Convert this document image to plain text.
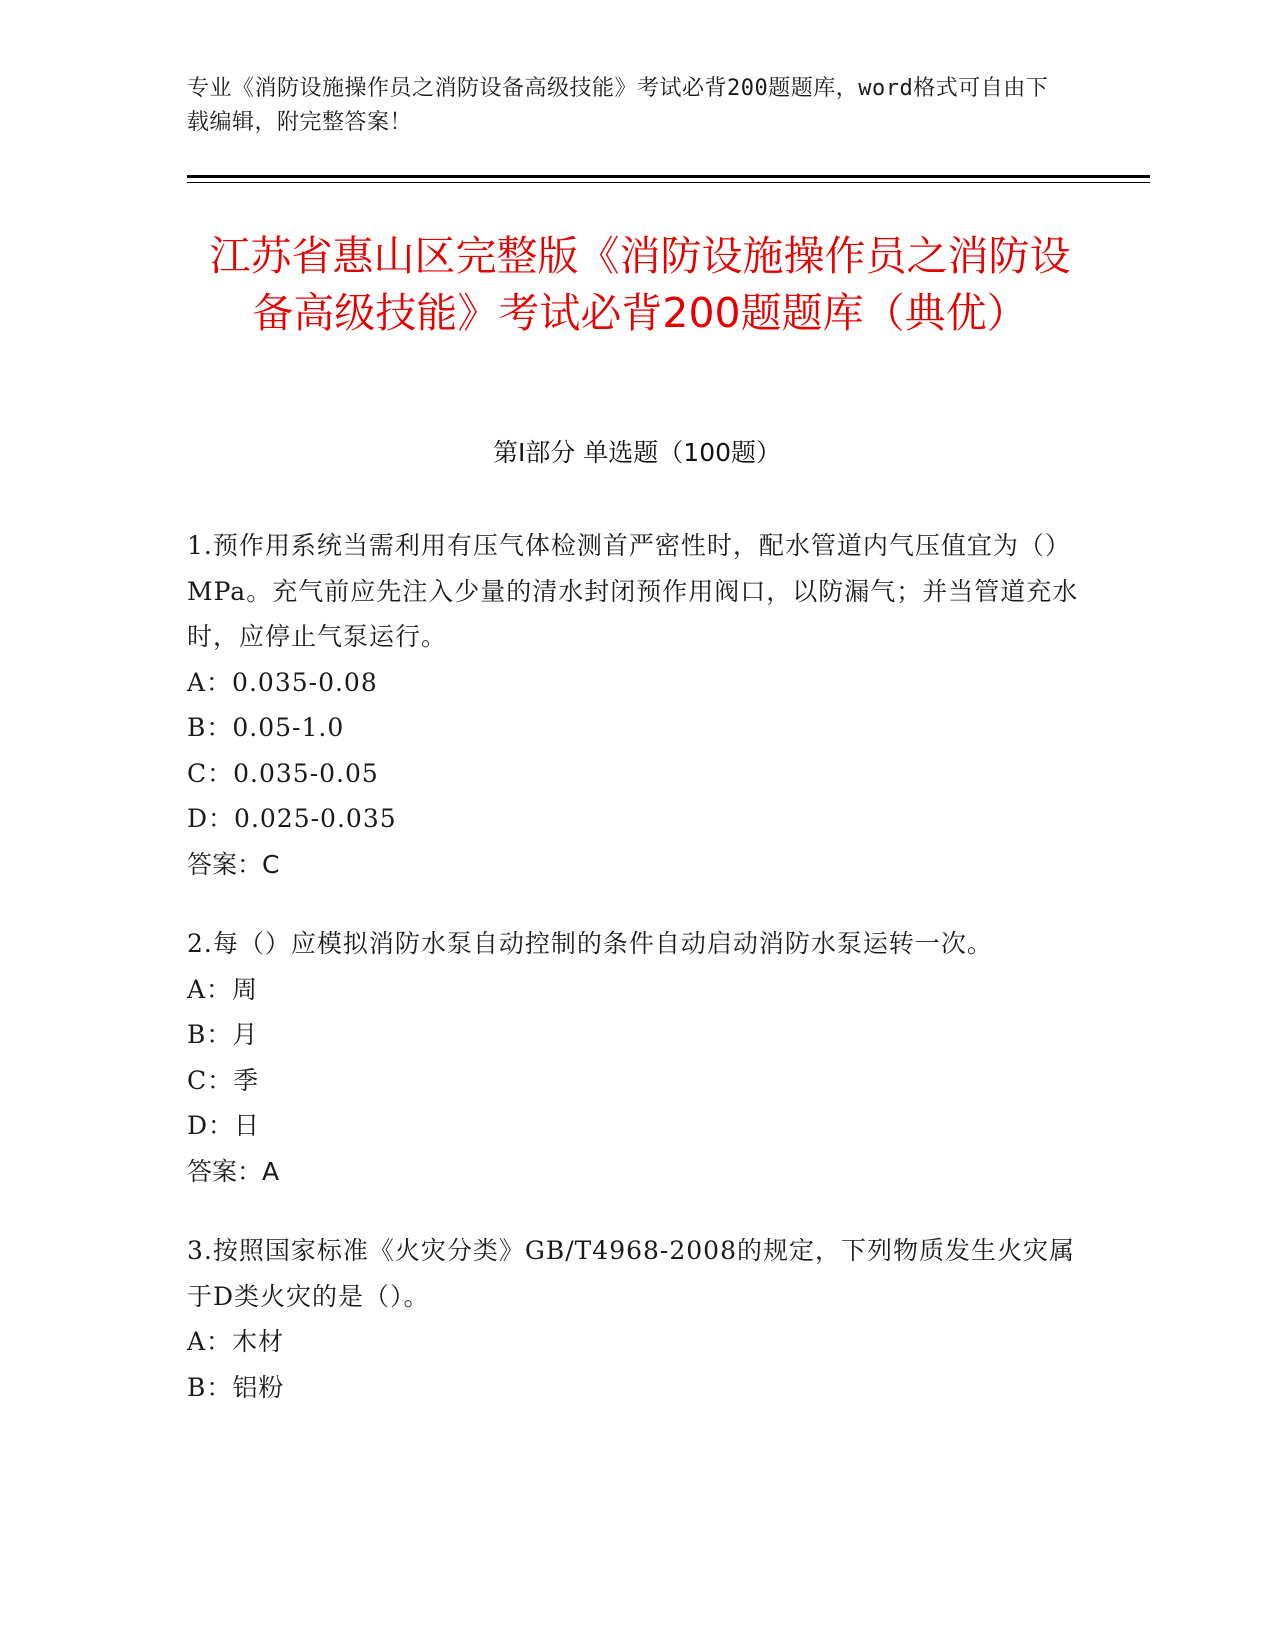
专业《消防设施操作员之消防设备高级技能》考试必背200题题库，word格式可自由下载编辑，附完整答案！
江苏省惠山区完整版《消防设施操作员之消防设备高级技能》考试必背200题题库（典优）
第I部分 单选题（100题）
1.预作用系统当需利用有压气体检测首严密性时，配水管道内气压值宜为（）MPa。充气前应先注入少量的清水封闭预作用阀口，以防漏气；并当管道充水时，应停止气泵运行。
A：0.035-0.08
B：0.05-1.0
C：0.035-0.05
D：0.025-0.035
答案：C
2.每（）应模拟消防水泵自动控制的条件自动启动消防水泵运转一次。
A：周
B：月
C：季
D：日
答案：A
3.按照国家标准《火灾分类》GB/T4968-2008的规定，下列物质发生火灾属于D类火灾的是（）。
A：木材
B：铝粉
